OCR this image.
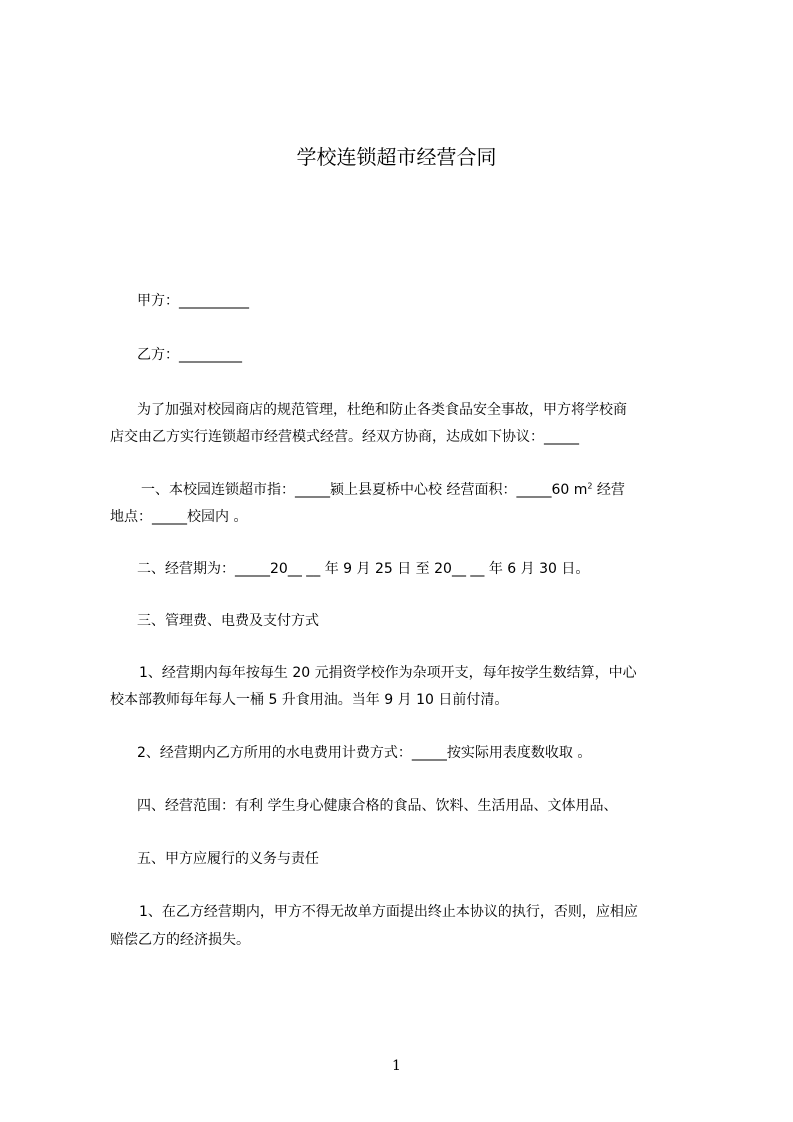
学校连锁超市经营合同
甲方：__________
乙方：_________
为了加强对校园商店的规范管理，杜绝和防止各类食品安全事故，甲方将学校商
店交由乙方实行连锁超市经营模式经营。经双方协商，达成如下协议：_____
一、本校园连锁超市指：_____颍上县夏桥中心校 经营面积：_____60 $m^2$ 经营
地点：_____校园内 。
二、经营期为：_____20__ __ 年 9 月 25 日 至 20__ __ 年 6 月 30 日。
三、管理费、电费及支付方式
1、经营期内每年按每生 20 元捐资学校作为杂项开支，每年按学生数结算，中心
校本部教师每年每人一桶 5 升食用油。当年 9 月 10 日前付清。
2、经营期内乙方所用的水电费用计费方式：_____按实际用表度数收取 。
四、经营范围：有利 学生身心健康合格的食品、饮料、生活用品、文体用品、
五、甲方应履行的义务与责任
1、在乙方经营期内，甲方不得无故单方面提出终止本协议的执行，否则，应相应
赔偿乙方的经济损失。
1
